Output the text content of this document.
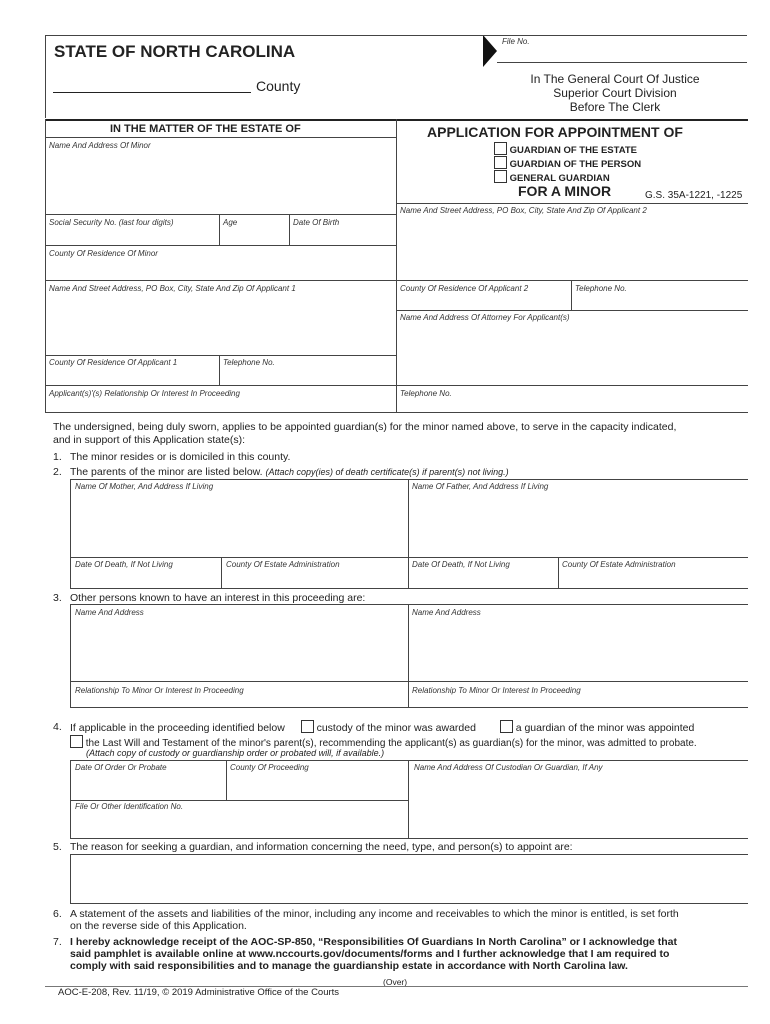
File No.
STATE OF NORTH CAROLINA
County	In The General Court Of Justice
Superior Court Division
Before The Clerk
IN THE MATTER OF THE ESTATE OF
Name And Address Of Minor
Social Security No. (last four digits)	Age	Date Of Birth
County Of Residence Of Minor
Name And Street Address, PO Box, City, State And Zip Of Applicant 1
County Of Residence Of Applicant 1	Telephone No.
Applicant(s)'(s) Relationship Or Interest In Proceeding
APPLICATION FOR APPOINTMENT OF
GUARDIAN OF THE ESTATE
GUARDIAN OF THE PERSON
GENERAL GUARDIAN
FOR A MINOR	G.S. 35A-1221, -1225
Name And Street Address, PO Box, City, State And Zip Of Applicant 2
County Of Residence Of Applicant 2	Telephone No.
Name And Address Of Attorney For Applicant(s)
Telephone No.
The undersigned, being duly sworn, applies to be appointed guardian(s) for the minor named above, to serve in the capacity indicated,
and in support of this Application state(s):
1. The minor resides or is domiciled in this county.
2. The parents of the minor are listed below. (Attach copy(ies) of death certificate(s) if parent(s) not living.)
Name Of Mother, And Address If Living	Name Of Father, And Address If Living
Date Of Death, If Not Living	County Of Estate Administration	Date Of Death, If Not Living	County Of Estate Administration
3. Other persons known to have an interest in this proceeding are:
Name And Address	Name And Address
Relationship To Minor Or Interest In Proceeding	Relationship To Minor Or Interest In Proceeding
4. If applicable in the proceeding identified below	custody of the minor was awarded	a guardian of the minor was appointed
the Last Will and Testament of the minor's parent(s), recommending the applicant(s) as guardian(s) for the minor, was admitted to probate.
(Attach copy of custody or guardianship order or probated will, if available.)
Date Of Order Or Probate	County Of Proceeding	Name And Address Of Custodian Or Guardian, If Any
File Or Other Identification No.
5. The reason for seeking a guardian, and information concerning the need, type, and person(s) to appoint are:
6. A statement of the assets and liabilities of the minor, including any income and receivables to which the minor is entitled, is set forth
on the reverse side of this Application.
7. I hereby acknowledge receipt of the AOC-SP-850, “Responsibilities Of Guardians In North Carolina” or I acknowledge that
said pamphlet is available online at www.nccourts.gov/documents/forms and I further acknowledge that I am required to
comply with said responsibilities and to manage the guardianship estate in accordance with North Carolina law.
(Over)
AOC-E-208, Rev. 11/19, © 2019 Administrative Office of the Courts
